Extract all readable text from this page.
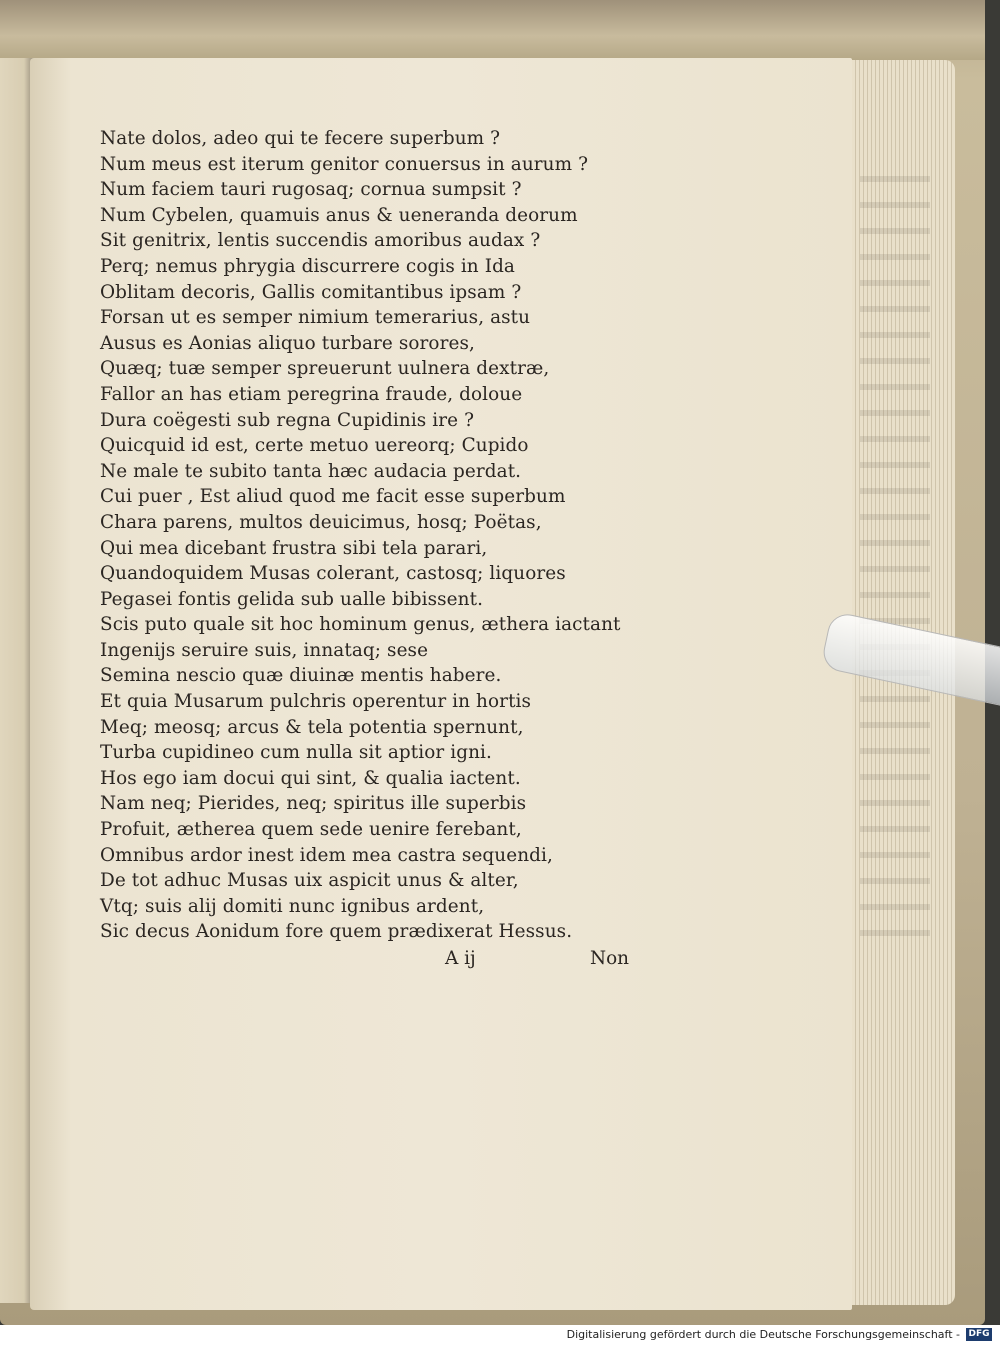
Nate dolos, adeo qui te fecere superbum ?
Num meus est iterum genitor conuersus in aurum ?
Num faciem tauri rugosaq; cornua sumpsit ?
Num Cybelen, quamuis anus & ueneranda deorum
Sit genitrix, lentis succendis amoribus audax ?
Perq; nemus phrygia discurrere cogis in Ida
Oblitam decoris, Gallis comitantibus ipsam ?
Forsan ut es semper nimium temerarius, astu
Ausus es Aonias aliquo turbare sorores,
Quæq; tuæ semper spreuerunt uulnera dextræ,
Fallor an has etiam peregrina fraude, doloue
Dura coëgesti sub regna Cupidinis ire ?
Quicquid id est, certe metuo uereorq; Cupido
Ne male te subito tanta hæc audacia perdat.
Cui puer , Est aliud quod me facit esse superbum
Chara parens, multos deuicimus, hosq; Poëtas,
Qui mea dicebant frustra sibi tela parari,
Quandoquidem Musas colerant, castosq; liquores
Pegasei fontis gelida sub ualle bibissent.
Scis puto quale sit hoc hominum genus, æthera iactant
Ingenijs seruire suis, innataq; sese
Semina nescio quæ diuinæ mentis habere.
Et quia Musarum pulchris operentur in hortis
Meq; meosq; arcus & tela potentia spernunt,
Turba cupidineo cum nulla sit aptior igni.
Hos ego iam docui qui sint, & qualia iactent.
Nam neq; Pierides, neq; spiritus ille superbis
Profuit, ætherea quem sede uenire ferebant,
Omnibus ardor inest idem mea castra sequendi,
De tot adhuc Musas uix aspicit unus & alter,
Vtq; suis alij domiti nunc ignibus ardent,
Sic decus Aonidum fore quem prædixerat Hessus.
A ij	Non
Digitalisierung gefördert durch die Deutsche Forschungsgemeinschaft - DFG
